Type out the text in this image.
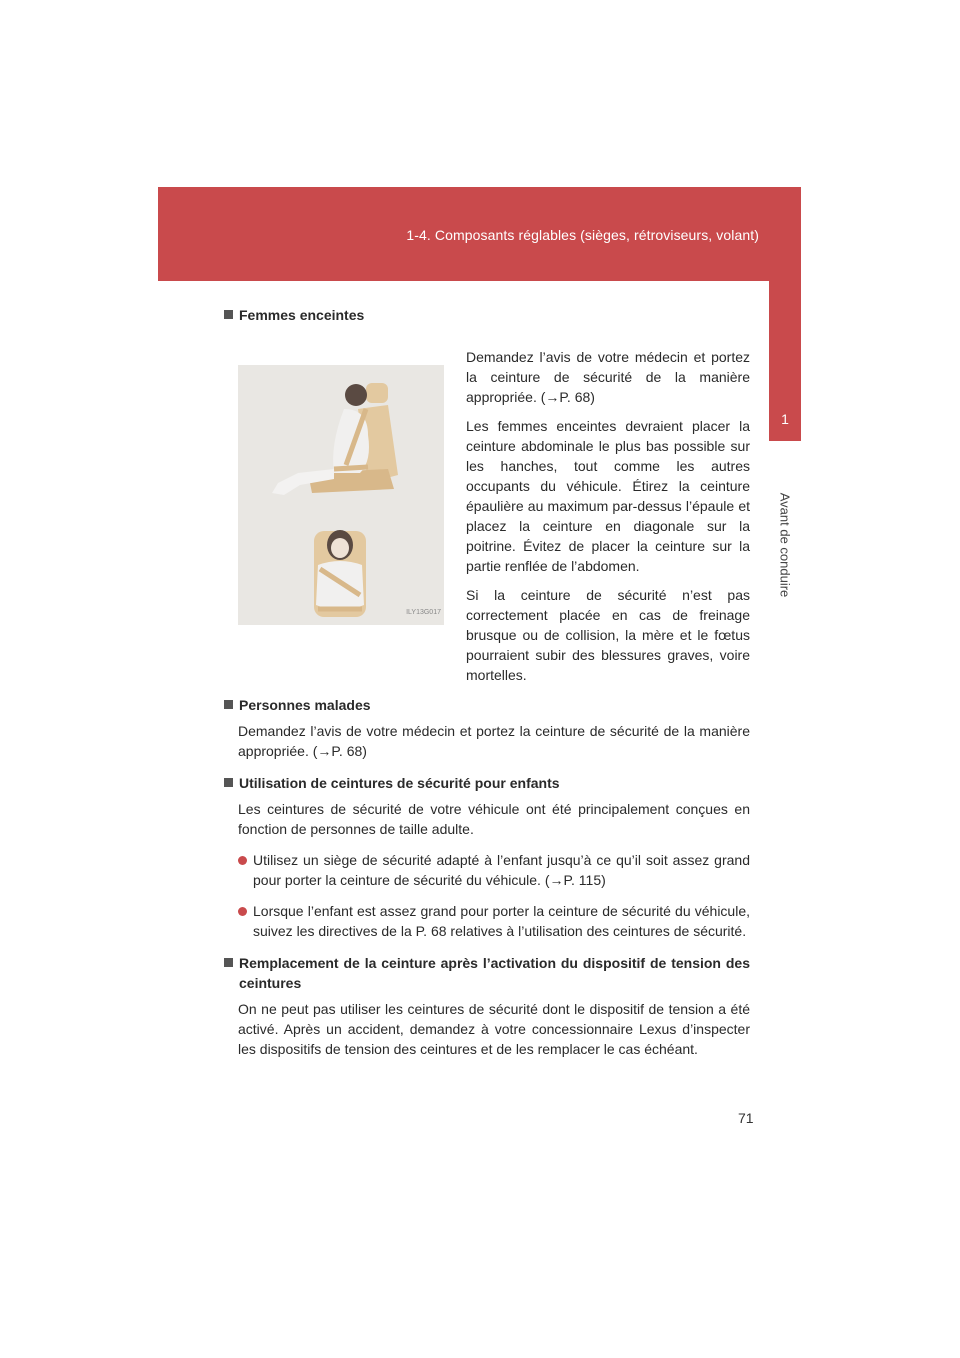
1-4. Composants réglables (sièges, rétroviseurs, volant)
1
Avant de conduire
Femmes enceintes
ILY13G017

Demandez l’avis de votre médecin et portez la ceinture de sécurité de la manière appropriée. (→P. 68)

Les femmes enceintes devraient placer la ceinture abdominale le plus bas possible sur les hanches, tout comme les autres occupants du véhicule. Étirez la ceinture épaulière au maximum par-dessus l’épaule et placez la ceinture en diagonale sur la poitrine. Évitez de placer la ceinture sur la partie renflée de l’abdomen.

Si la ceinture de sécurité n’est pas correctement placée en cas de freinage brusque ou de collision, la mère et le fœtus pourraient subir des blessures graves, voire mortelles.

Personnes malades

Demandez l’avis de votre médecin et portez la ceinture de sécurité de la manière appropriée. (→P. 68)

Utilisation de ceintures de sécurité pour enfants

Les ceintures de sécurité de votre véhicule ont été principalement conçues en fonction de personnes de taille adulte.

Utilisez un siège de sécurité adapté à l’enfant jusqu’à ce qu’il soit assez grand pour porter la ceinture de sécurité du véhicule. (→P. 115)
Lorsque l’enfant est assez grand pour porter la ceinture de sécurité du véhicule, suivez les directives de la P. 68 relatives à l’utilisation des ceintures de sécurité.
Remplacement de la ceinture après l’activation du dispositif de tension des ceintures

On ne peut pas utiliser les ceintures de sécurité dont le dispositif de tension a été activé. Après un accident, demandez à votre concessionnaire Lexus d’inspecter les dispositifs de tension des ceintures et de les remplacer le cas échéant.

71
